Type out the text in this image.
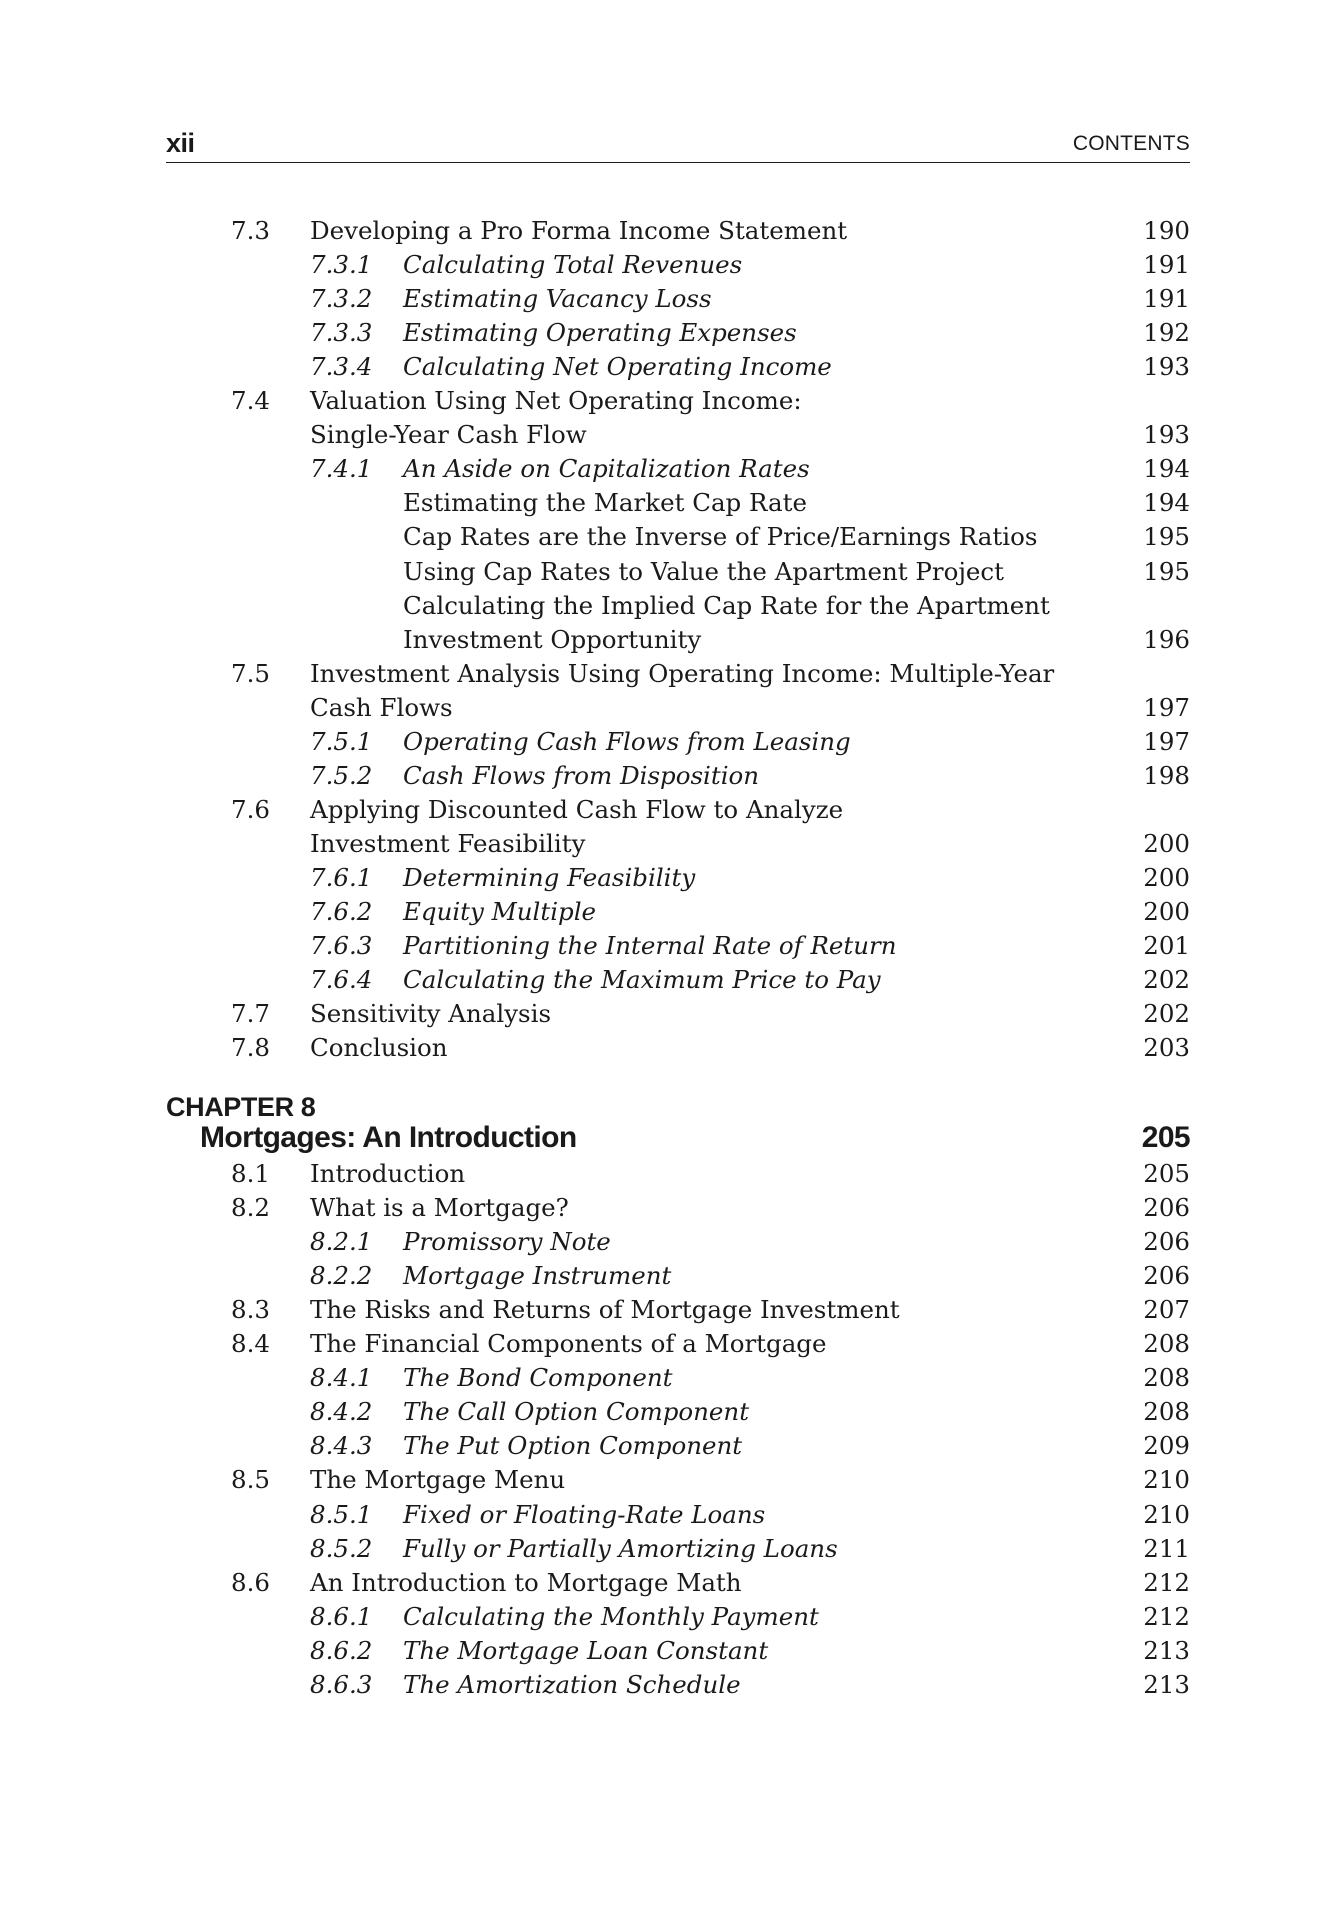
xii	CONTENTS
7.3 Developing a Pro Forma Income Statement	190
7.3.1 Calculating Total Revenues	191
7.3.2 Estimating Vacancy Loss	191
7.3.3 Estimating Operating Expenses	192
7.3.4 Calculating Net Operating Income	193
7.4 Valuation Using Net Operating Income:
Single-Year Cash Flow	193
7.4.1 An Aside on Capitalization Rates	194
Estimating the Market Cap Rate	194
Cap Rates are the Inverse of Price/Earnings Ratios	195
Using Cap Rates to Value the Apartment Project	195
Calculating the Implied Cap Rate for the Apartment
Investment Opportunity	196
7.5 Investment Analysis Using Operating Income: Multiple-Year
Cash Flows	197
7.5.1 Operating Cash Flows from Leasing	197
7.5.2 Cash Flows from Disposition	198
7.6 Applying Discounted Cash Flow to Analyze
Investment Feasibility	200
7.6.1 Determining Feasibility	200
7.6.2 Equity Multiple	200
7.6.3 Partitioning the Internal Rate of Return	201
7.6.4 Calculating the Maximum Price to Pay	202
7.7 Sensitivity Analysis	202
7.8 Conclusion	203
CHAPTER 8
Mortgages: An Introduction	205
8.1 Introduction	205
8.2 What is a Mortgage?	206
8.2.1 Promissory Note	206
8.2.2 Mortgage Instrument	206
8.3 The Risks and Returns of Mortgage Investment	207
8.4 The Financial Components of a Mortgage	208
8.4.1 The Bond Component	208
8.4.2 The Call Option Component	208
8.4.3 The Put Option Component	209
8.5 The Mortgage Menu	210
8.5.1 Fixed or Floating-Rate Loans	210
8.5.2 Fully or Partially Amortizing Loans	211
8.6 An Introduction to Mortgage Math	212
8.6.1 Calculating the Monthly Payment	212
8.6.2 The Mortgage Loan Constant	213
8.6.3 The Amortization Schedule	213
